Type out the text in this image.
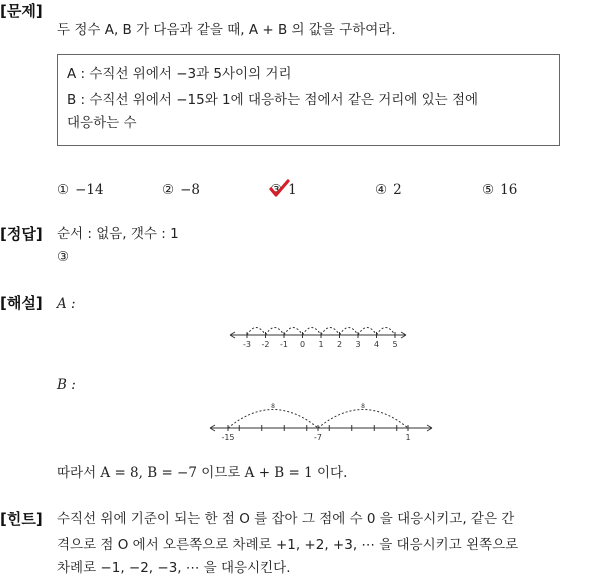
[문제]
두 정수 A, B 가 다음과 같을 때, A + B 의 값을 구하여라.
A : 수직선 위에서 −3과 5사이의 거리
B : 수직선 위에서 −15와 1에 대응하는 점에서 같은 거리에 있는 점에
대응하는 수
① −14	② −8	③ 1	④ 2	⑤ 16
[정답] 순서 : 없음, 갯수 : 1
③
[해설] A :
-3 -2 -1 0 1 2 3 4 5
B :
8	8
-15	-7	1
따라서 A = 8, B = −7 이므로 A + B = 1 이다.
[힌트] 수직선 위에 기준이 되는 한 점 O 를 잡아 그 점에 수 0 을 대응시키고, 같은 간
격으로 점 O 에서 오른쪽으로 차례로 +1, +2, +3, ⋯ 을 대응시키고 왼쪽으로
차례로 −1, −2, −3, ⋯ 을 대응시킨다.
